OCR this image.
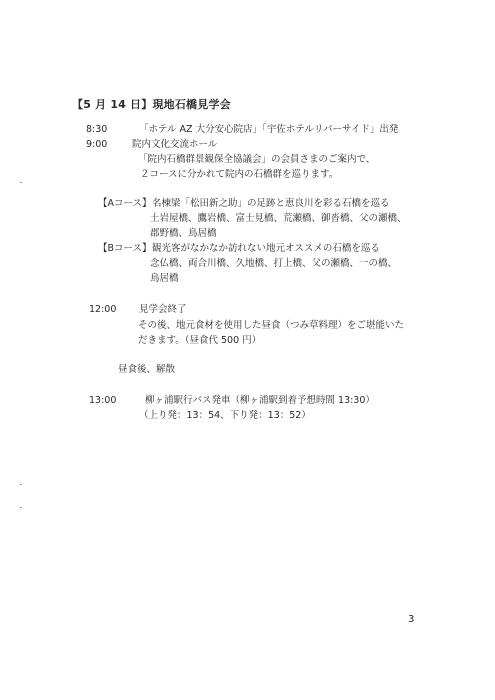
【5 月 14 日】現地石橋見学会
8:30	「ホテル AZ 大分安心院店」「宇佐ホテルリバーサイド」出発
9:00	院内文化交流ホール
「院内石橋群景観保全協議会」の会員さまのご案内で、
２コースに分かれて院内の石橋群を巡ります。
【Aコース】 名棟梁「松田新之助」の足跡と恵良川を彩る石橋を巡る
土岩屋橋、鷹岩橋、富士見橋、荒瀬橋、御沓橋、父の瀬橋、
郡野橋、鳥居橋
【Bコース】 観光客がなかなか訪れない地元オススメの石橋を巡る
念仏橋、両合川橋、久地橋、打上橋、父の瀬橋、一の橋、
鳥居橋
12:00 見学会終了
その後、地元食材を使用した昼食（つみ草料理）をご堪能いた
だきます。（昼食代 500 円）
昼食後、解散
13:00	柳ヶ浦駅行バス発車（柳ヶ浦駅到着予想時間 13:30）
（上り発：13：54、下り発：13：52）
3
